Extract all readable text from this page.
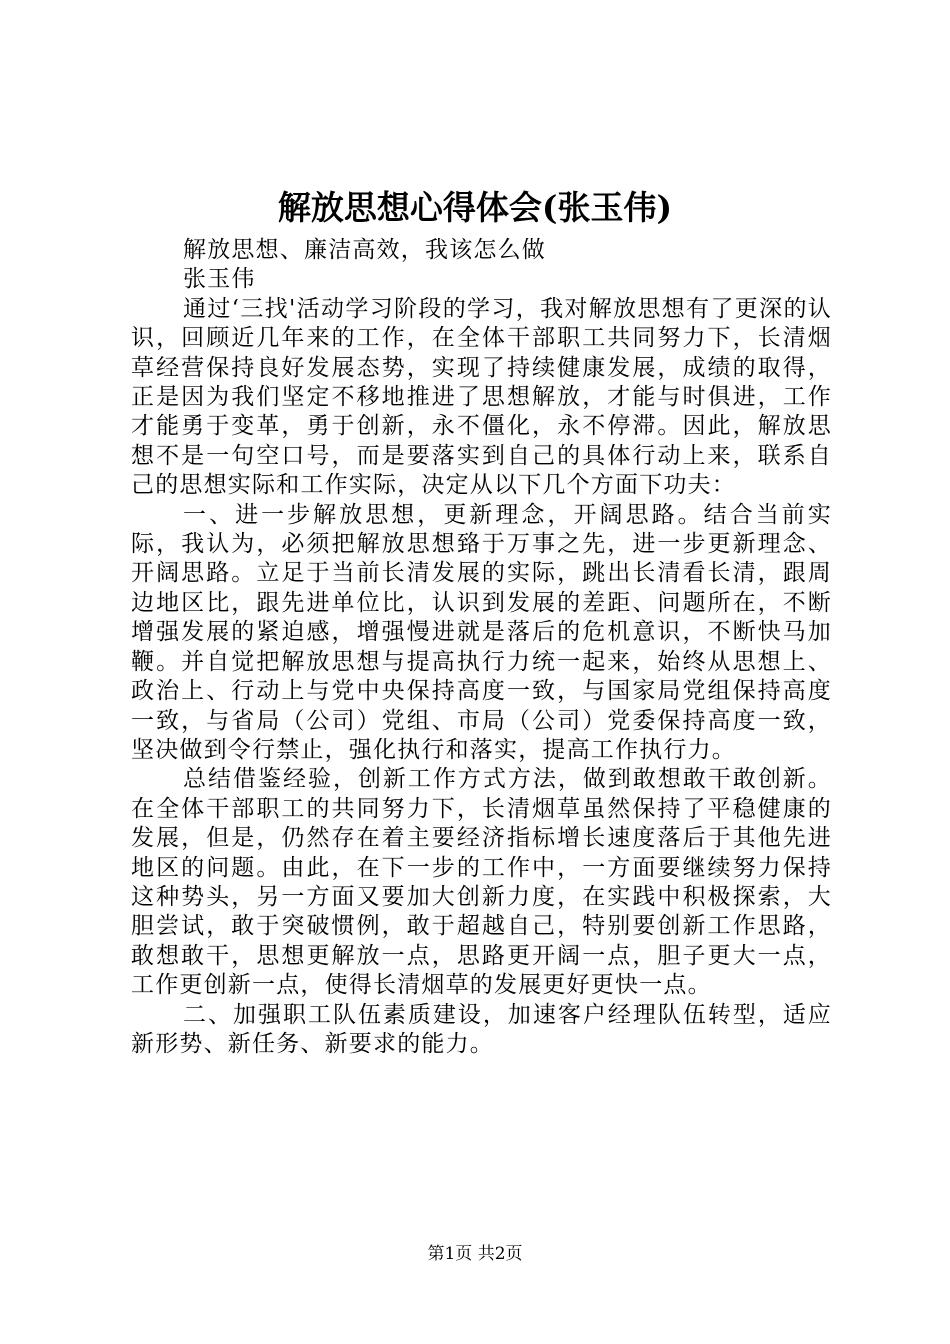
解放思想心得体会(张玉伟)

解放思想、廉洁高效，我该怎么做

张玉伟

通过‘三找'活动学习阶段的学习，我对解放思想有了更深的认识，回顾近几年来的工作，在全体干部职工共同努力下，长清烟草经营保持良好发展态势，实现了持续健康发展，成绩的取得，正是因为我们坚定不移地推进了思想解放，才能与时俱进，工作才能勇于变革，勇于创新，永不僵化，永不停滞。因此，解放思想不是一句空口号，而是要落实到自己的具体行动上来，联系自己的思想实际和工作实际，决定从以下几个方面下功夫：

一、进一步解放思想，更新理念，开阔思路。结合当前实际，我认为，必须把解放思想臵于万事之先，进一步更新理念、开阔思路。立足于当前长清发展的实际，跳出长清看长清，跟周边地区比，跟先进单位比，认识到发展的差距、问题所在，不断增强发展的紧迫感，增强慢进就是落后的危机意识，不断快马加鞭。并自觉把解放思想与提高执行力统一起来，始终从思想上、政治上、行动上与党中央保持高度一致，与国家局党组保持高度一致，与省局（公司）党组、市局（公司）党委保持高度一致，坚决做到令行禁止，强化执行和落实，提高工作执行力。

总结借鉴经验，创新工作方式方法，做到敢想敢干敢创新。在全体干部职工的共同努力下，长清烟草虽然保持了平稳健康的发展，但是，仍然存在着主要经济指标增长速度落后于其他先进地区的问题。由此，在下一步的工作中，一方面要继续努力保持这种势头，另一方面又要加大创新力度，在实践中积极探索，大胆尝试，敢于突破惯例，敢于超越自己，特别要创新工作思路，敢想敢干，思想更解放一点，思路更开阔一点，胆子更大一点，工作更创新一点，使得长清烟草的发展更好更快一点。

二、加强职工队伍素质建设，加速客户经理队伍转型，适应新形势、新任务、新要求的能力。

第1页 共2页
